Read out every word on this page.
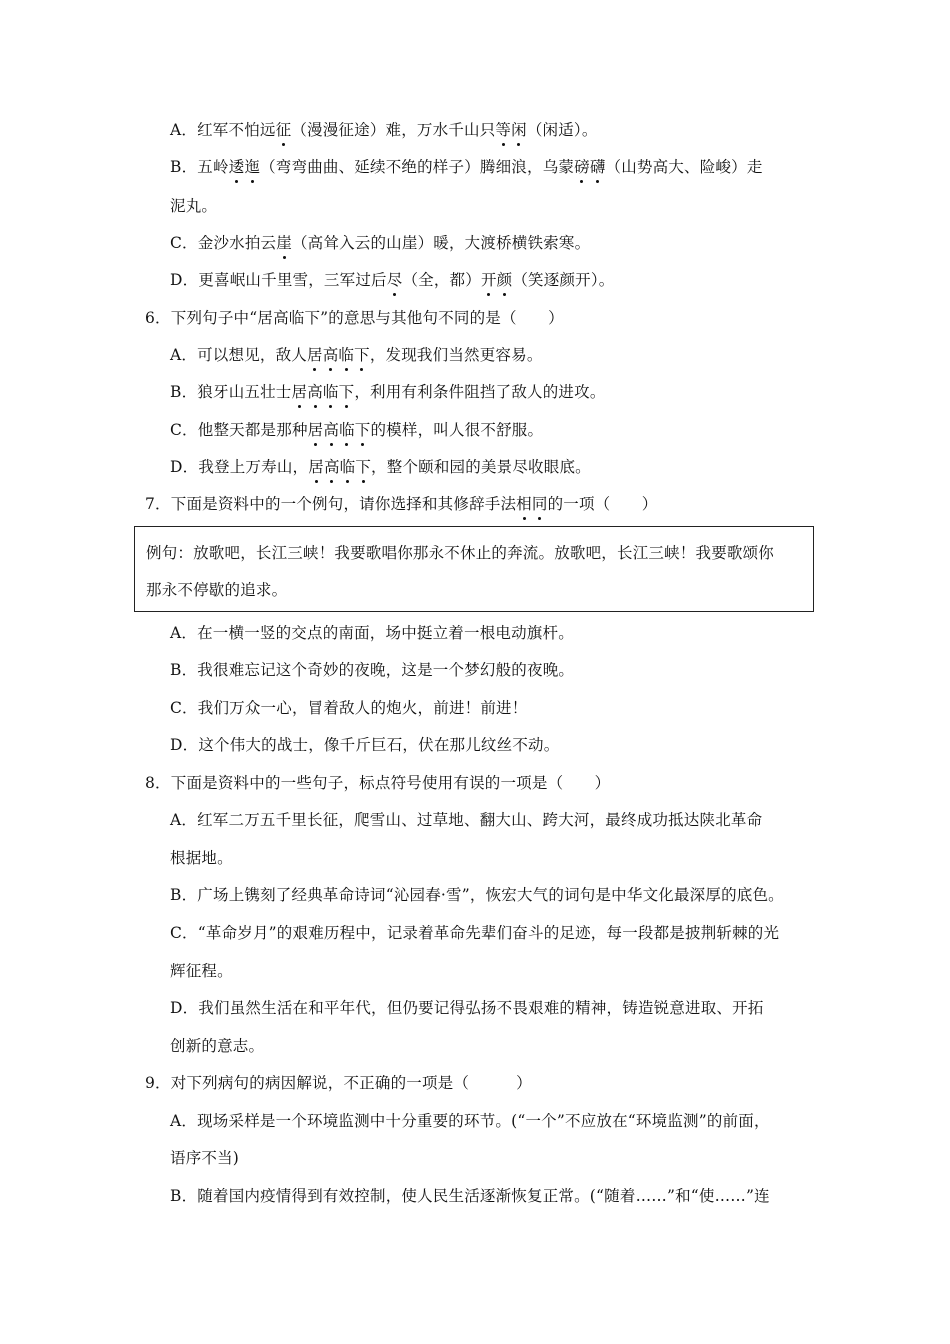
A．红军不怕远征（漫漫征途）难，万水千山只等闲（闲适）。
B．五岭逶迤（弯弯曲曲、延续不绝的样子）腾细浪，乌蒙磅礴（山势高大、险峻）走
泥丸。
C．金沙水拍云崖（高耸入云的山崖）暖，大渡桥横铁索寒。
D．更喜岷山千里雪，三军过后尽（全，都）开颜（笑逐颜开）。
6．下列句子中“居高临下”的意思与其他句不同的是（　　）
A．可以想见，敌人居高临下，发现我们当然更容易。
B．狼牙山五壮士居高临下，利用有利条件阻挡了敌人的进攻。
C．他整天都是那种居高临下的模样，叫人很不舒服。
D．我登上万寿山，居高临下，整个颐和园的美景尽收眼底。
7．下面是资料中的一个例句，请你选择和其修辞手法相同的一项（　　）
例句：放歌吧，长江三峡！我要歌唱你那永不休止的奔流。放歌吧，长江三峡！我要歌颂你
那永不停歇的追求。
A．在一横一竖的交点的南面，场中挺立着一根电动旗杆。
B．我很难忘记这个奇妙的夜晚，这是一个梦幻般的夜晚。
C．我们万众一心，冒着敌人的炮火，前进！前进！
D．这个伟大的战士，像千斤巨石，伏在那儿纹丝不动。
8．下面是资料中的一些句子，标点符号使用有误的一项是（　　）
A．红军二万五千里长征，爬雪山、过草地、翻大山、跨大河，最终成功抵达陕北革命
根据地。
B．广场上镌刻了经典革命诗词“沁园春·雪”，恢宏大气的词句是中华文化最深厚的底色。
C．“革命岁月”的艰难历程中，记录着革命先辈们奋斗的足迹，每一段都是披荆斩棘的光
辉征程。
D．我们虽然生活在和平年代，但仍要记得弘扬不畏艰难的精神，铸造锐意进取、开拓
创新的意志。
9．对下列病句的病因解说，不正确的一项是（　　　）
A．现场采样是一个环境监测中十分重要的环节。(“一个”不应放在“环境监测”的前面，
语序不当)
B．随着国内疫情得到有效控制，使人民生活逐渐恢复正常。(“随着……”和“使……”连
